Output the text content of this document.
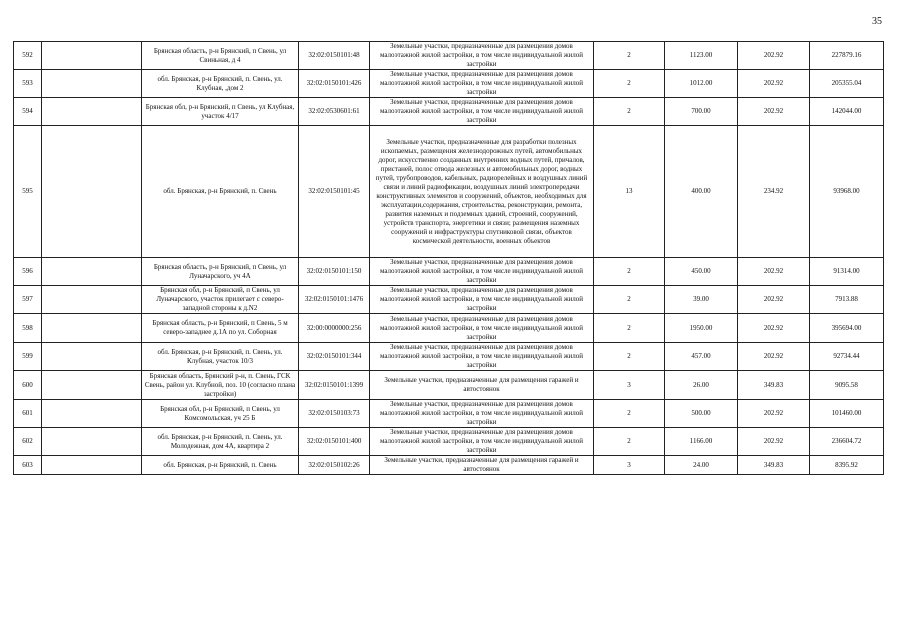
35
592		Брянская область, р-н Брянский, п Свень, ул Свиньная, д 4	32:02:0150101:48	Земельные участки, предназначенные для размещения домов малоэтажной жилой застройки, в том числе индивидуальной жилой застройки	2	1123.00	202.92	227879.16
593		обл. Брянская, р-н Брянский, п. Свень, ул. Клубная, ,дом 2	32:02:0150101:426	Земельные участки, предназначенные для размещения домов малоэтажной жилой застройки, в том числе индивидуальной жилой застройки	2	1012.00	202.92	205355.04
594		Брянская обл, р-н Брянский, п Свень, ул Клубная, участок 4/17	32:02:0530601:61	Земельные участки, предназначенные для размещения домов малоэтажной жилой застройки, в том числе индивидуальной жилой застройки	2	700.00	202.92	142044.00
595		обл. Брянская, р-н Брянский, п. Свень	32:02:0150101:45	Земельные участки, предназначенные для разработки полезных ископаемых, размещения железнодорожных путей, автомобильных дорог, искусственно созданных внутренних водных путей, причалов, пристаней, полос отвода железных и автомобильных дорог, водных путей, трубопроводов, кабельных, радиорелейных и воздушных линий связи и линий радиофикации, воздушных линий электропередачи конструктивных элементов и сооружений, объектов, необходимых для эксплуатации,содержания, строительства, реконструкции, ремонта, развития наземных и подземных зданий, строений, сооружений, устройств транспорта, энергетики и связи; размещения наземных сооружений и инфраструктуры спутниковой связи, объектов космической деятельности, военных объектов	13	400.00	234.92	93968.00
596		Брянская область, р-н Брянский, п Свень, ул Луначарского, уч 4А	32:02:0150101:150	Земельные участки, предназначенные для размещения домов малоэтажной жилой застройки, в том числе индивидуальной жилой застройки	2	450.00	202.92	91314.00
597		Брянская обл, р-н Брянский, п Свень, ул Луначарского, участок прилегает с северо-западной стороны к д.N2	32:02:0150101:1476	Земельные участки, предназначенные для размещения домов малоэтажной жилой застройки, в том числе индивидуальной жилой застройки	2	39.00	202.92	7913.88
598		Брянская область, р-н Брянский, п Свень, 5 м северо-западнее д.1А по ул. Соборная	32:00:0000000:256	Земельные участки, предназначенные для размещения домов малоэтажной жилой застройки, в том числе индивидуальной жилой застройки	2	1950.00	202.92	395694.00
599		обл. Брянская, р-н Брянский, п. Свень, ул. Клубная, участок 10/3	32:02:0150101:344	Земельные участки, предназначенные для размещения домов малоэтажной жилой застройки, в том числе индивидуальной жилой застройки	2	457.00	202.92	92734.44
600		Брянская область, Брянский р-н, п. Свень, ГСК Свень, район ул. Клубной, поз. 10 (согласно плана застройки)	32:02:0150101:1399	Земельные участки, предназначенные для размещения гаражей и автостоянок	3	26.00	349.83	9095.58
601		Брянская обл, р-н Брянский, п Свень, ул Комсомольская, уч 25 Б	32:02:0150103:73	Земельные участки, предназначенные для размещения домов малоэтажной жилой застройки, в том числе индивидуальной жилой застройки	2	500.00	202.92	101460.00
602		обл. Брянская, р-н Брянский, п. Свень, ул. Молодежная, дом 4А, квартира 2	32:02:0150101:400	Земельные участки, предназначенные для размещения домов малоэтажной жилой застройки, в том числе индивидуальной жилой застройки	2	1166.00	202.92	236604.72
603		обл. Брянская, р-н Брянский, п. Свень	32:02:0150102:26	Земельные участки, предназначенные для размещения гаражей и автостоянок	3	24.00	349.83	8395.92
